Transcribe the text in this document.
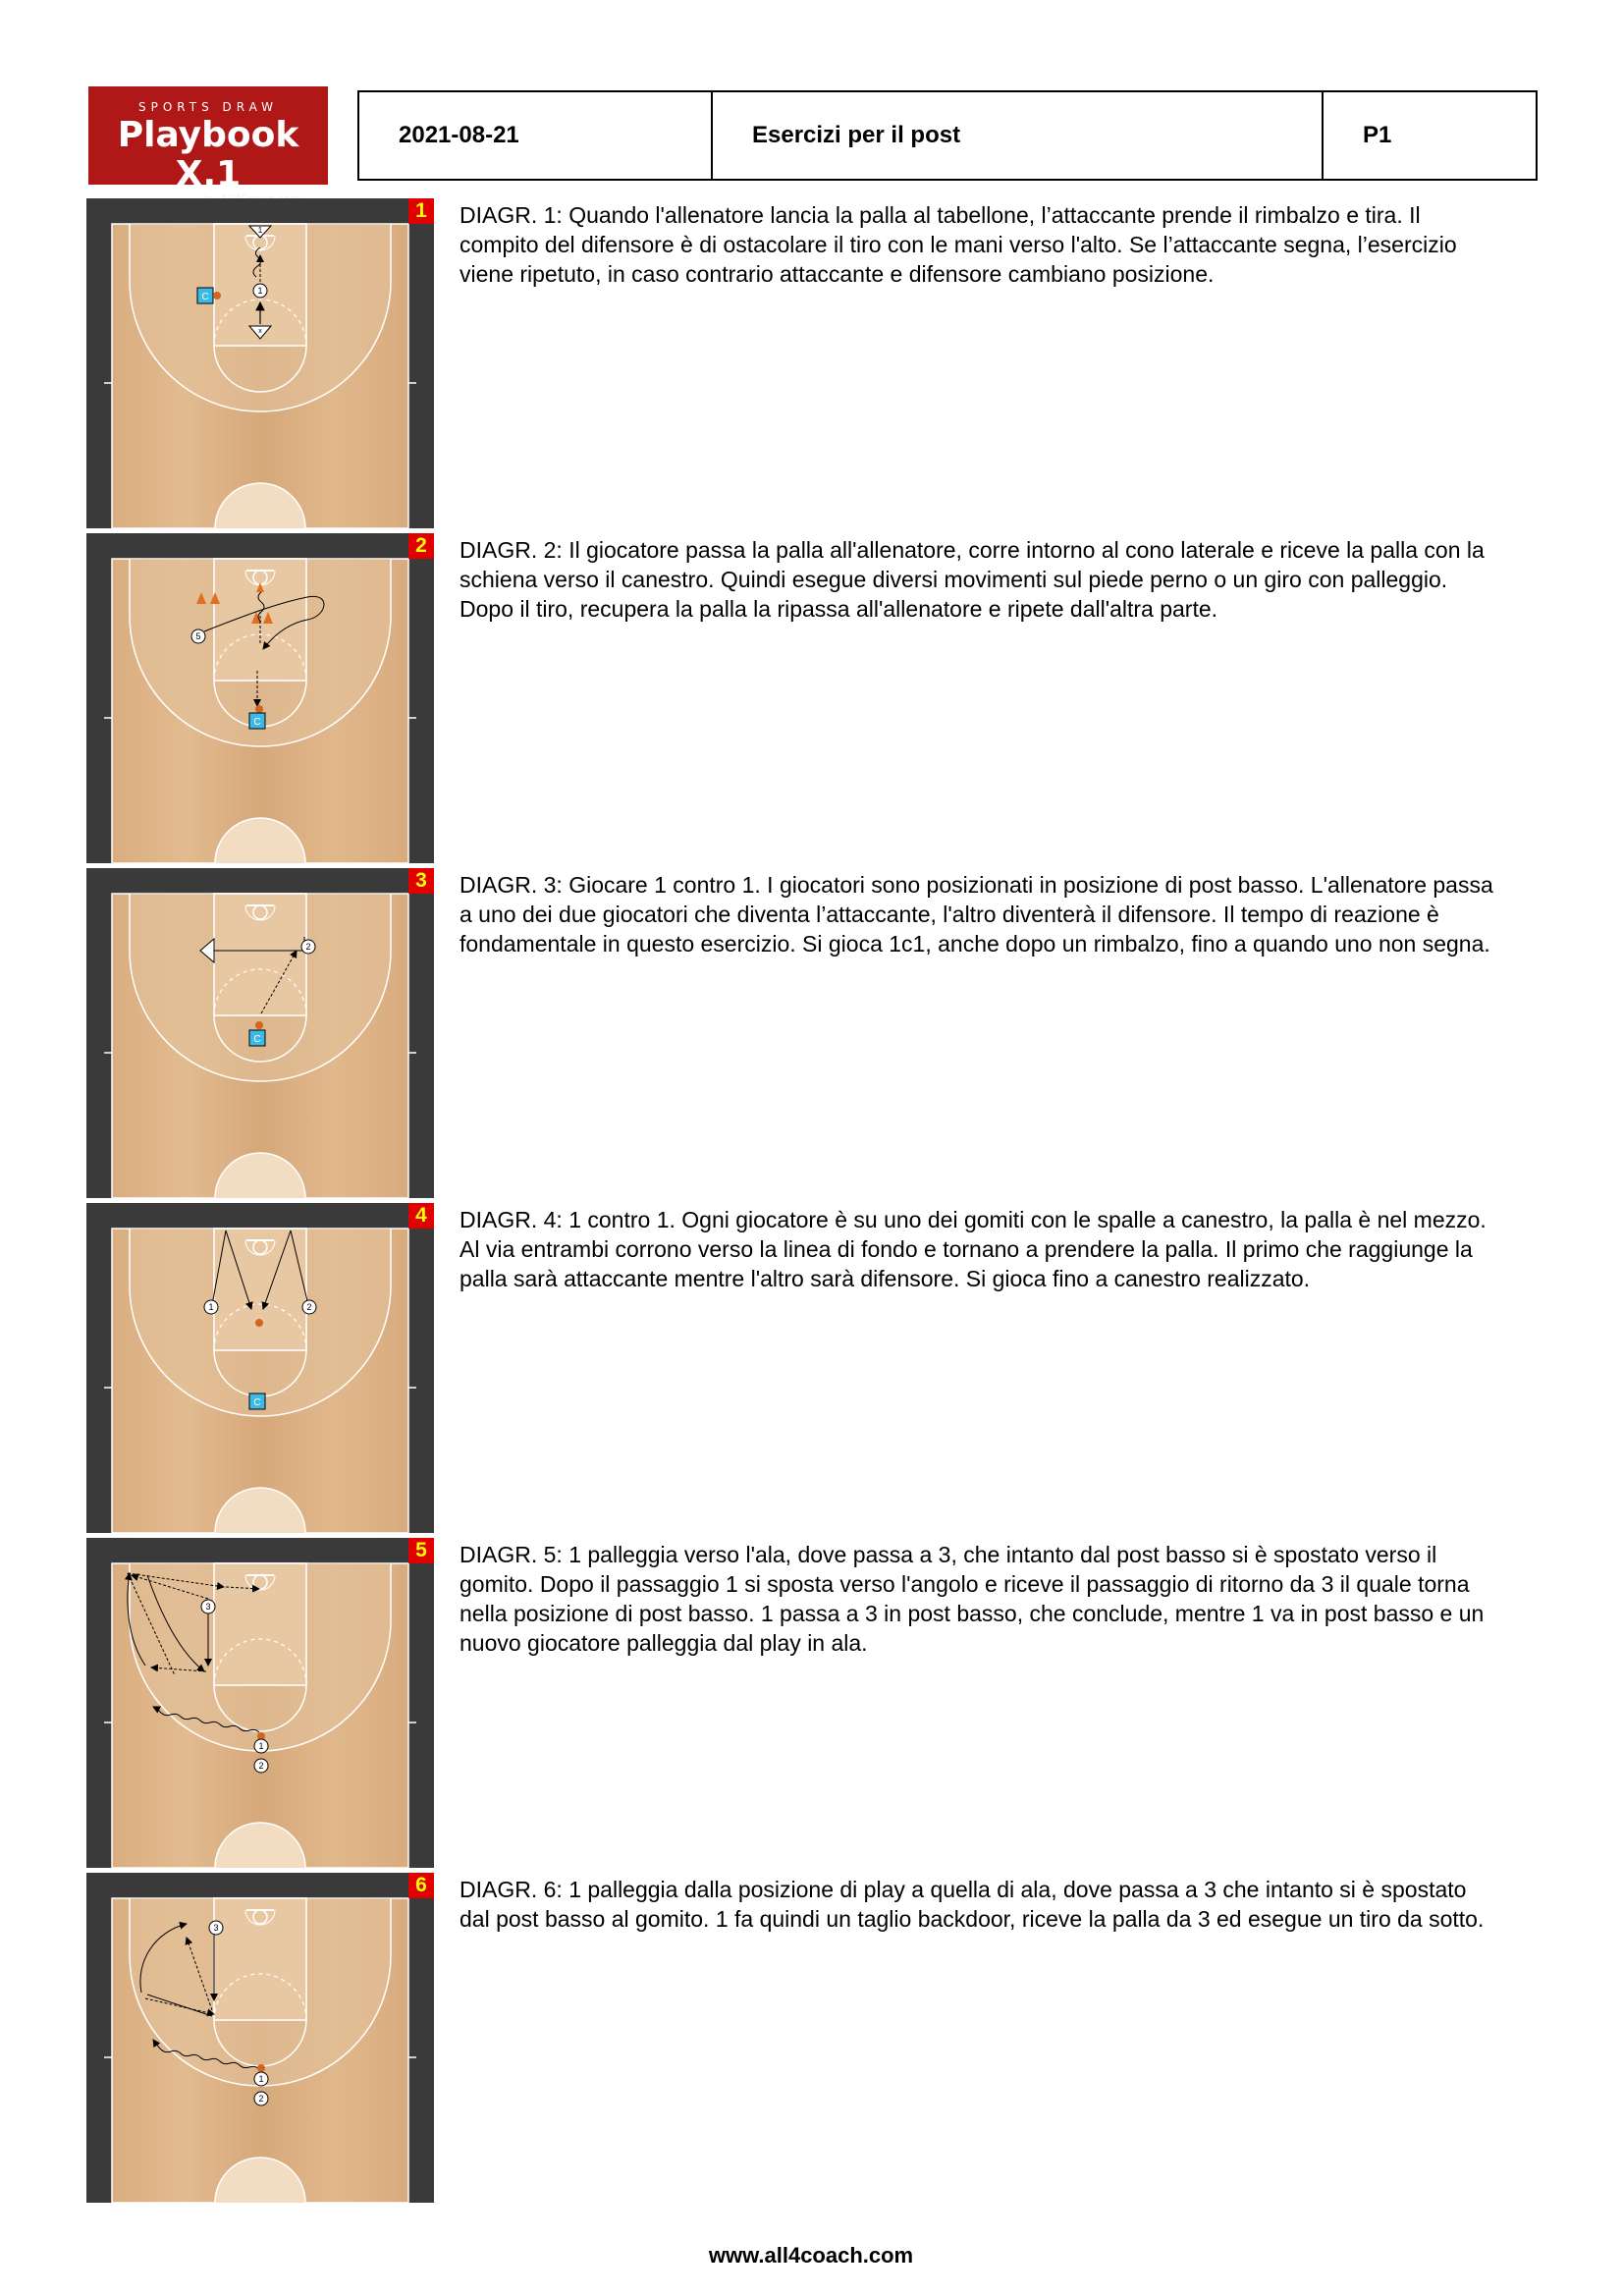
SPORTS DRAW
Playbook X.1
2021-08-21	Esercizi per il post	P1
1
x
1
C
1	DIAGR. 1: Quando l'allenatore lancia la palla al tabellone, l’attaccante prende il rimbalzo e tira. Il compito del difensore è di ostacolare il tiro con le mani verso l'alto. Se l’attaccante segna, l’esercizio viene ripetuto, in caso contrario attaccante e difensore cambiano posizione.
5
C
2	DIAGR. 2: Il giocatore passa la palla all'allenatore, corre intorno al cono laterale e riceve la palla con la schiena verso il canestro. Quindi esegue diversi movimenti sul piede perno o un giro con palleggio. Dopo il tiro, recupera la palla la ripassa all'allenatore e ripete dall'altra parte.
2
C
3	DIAGR. 3: Giocare 1 contro 1. I giocatori sono posizionati in posizione di post basso. L'allenatore passa a uno dei due giocatori che diventa l’attaccante, l'altro diventerà il difensore. Il tempo di reazione è fondamentale in questo esercizio. Si gioca 1c1, anche dopo un rimbalzo, fino a quando uno non segna.
1	2
C
4	DIAGR. 4: 1 contro 1. Ogni giocatore è su uno dei gomiti con le spalle a canestro, la palla è nel mezzo. Al via entrambi corrono verso la linea di fondo e tornano a prendere la palla. Il primo che raggiunge la palla sarà attaccante mentre l'altro sarà difensore. Si gioca fino a canestro realizzato.
3
1
2
5	DIAGR. 5: 1 palleggia verso l'ala, dove passa a 3, che intanto dal post basso si è spostato verso il gomito. Dopo il passaggio 1 si sposta verso l'angolo e riceve il passaggio di ritorno da 3 il quale torna nella posizione di post basso. 1 passa a 3 in post basso, che conclude, mentre 1 va in post basso e un nuovo giocatore palleggia dal play in ala.
3
1
2
6	DIAGR. 6: 1 palleggia dalla posizione di play a quella di ala, dove passa a 3 che intanto si è spostato dal post basso al gomito. 1 fa quindi un taglio backdoor, riceve la palla da 3 ed esegue un tiro da sotto.
www.all4coach.com
